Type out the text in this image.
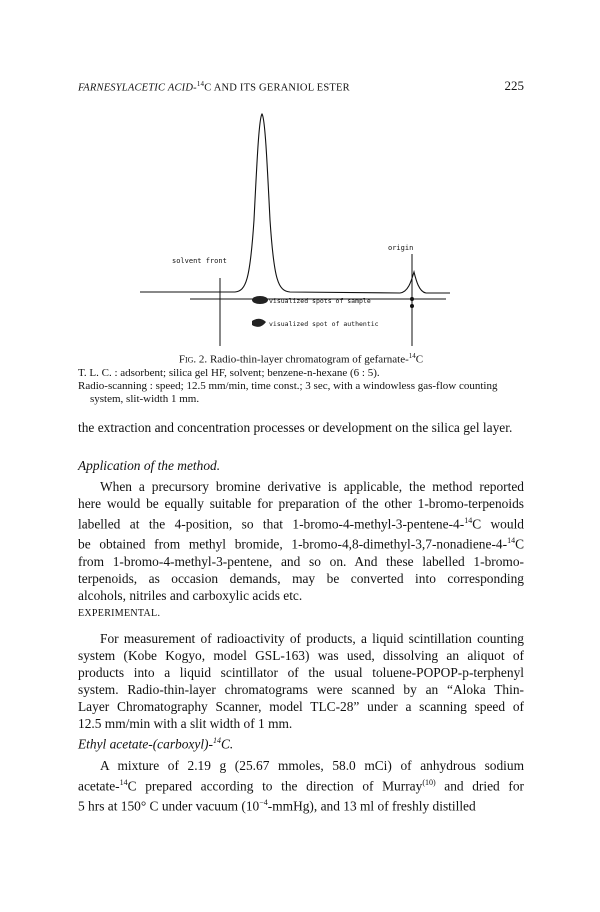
FARNESYLACETIC ACID-$^{14}$C AND ITS GERANIOL ESTER	225
solvent front
origin
visualized spots of sample
visualized spot of authentic
Fig. 2. Radio-thin-layer chromatogram of gefarnate-$^{14}$C
T. L. C. : adsorbent; silica gel HF, solvent; benzene-n-hexane (6 : 5).
Radio-scanning : speed; 12.5 mm/min, time const.; 3 sec, with a windowless gas-flow counting
system, slit-width 1 mm.

the extraction and concentration processes or development on the silica gel layer.

Application of the method.
When a precursory bromine derivative is applicable, the method reported
here would be equally suitable for preparation of the other 1-bromo-terpenoids
labelled at the 4-position, so that 1-bromo-4-methyl-3-pentene-4-$^{14}$C would
be obtained from methyl bromide, 1-bromo-4,8-dimethyl-3,7-nonadiene-4-$^{14}$C
from 1-bromo-4-methyl-3-pentene, and so on. And these labelled 1-bromo-
terpenoids, as occasion demands, may be converted into corresponding
alcohols, nitriles and carboxylic acids etc.
EXPERIMENTAL.
For measurement of radioactivity of products, a liquid scintillation counting
system (Kobe Kogyo, model GSL-163) was used, dissolving an aliquot of
products into a liquid scintillator of the usual toluene-POPOP-p-terphenyl
system. Radio-thin-layer chromatograms were scanned by an “Aloka Thin-
Layer Chromatography Scanner, model TLC-28” under a scanning speed of
12.5 mm/min with a slit width of 1 mm.
Ethyl acetate-(carboxyl)-$^{14}$C.
A mixture of 2.19 g (25.67 mmoles, 58.0 mCi) of anhydrous sodium
acetate-$^{14}$C prepared according to the direction of Murray$^{(10)}$ and dried for
5 hrs at 150° C under vacuum $(10^{-4}-mmHg)$, and 13 ml of freshly distilled
